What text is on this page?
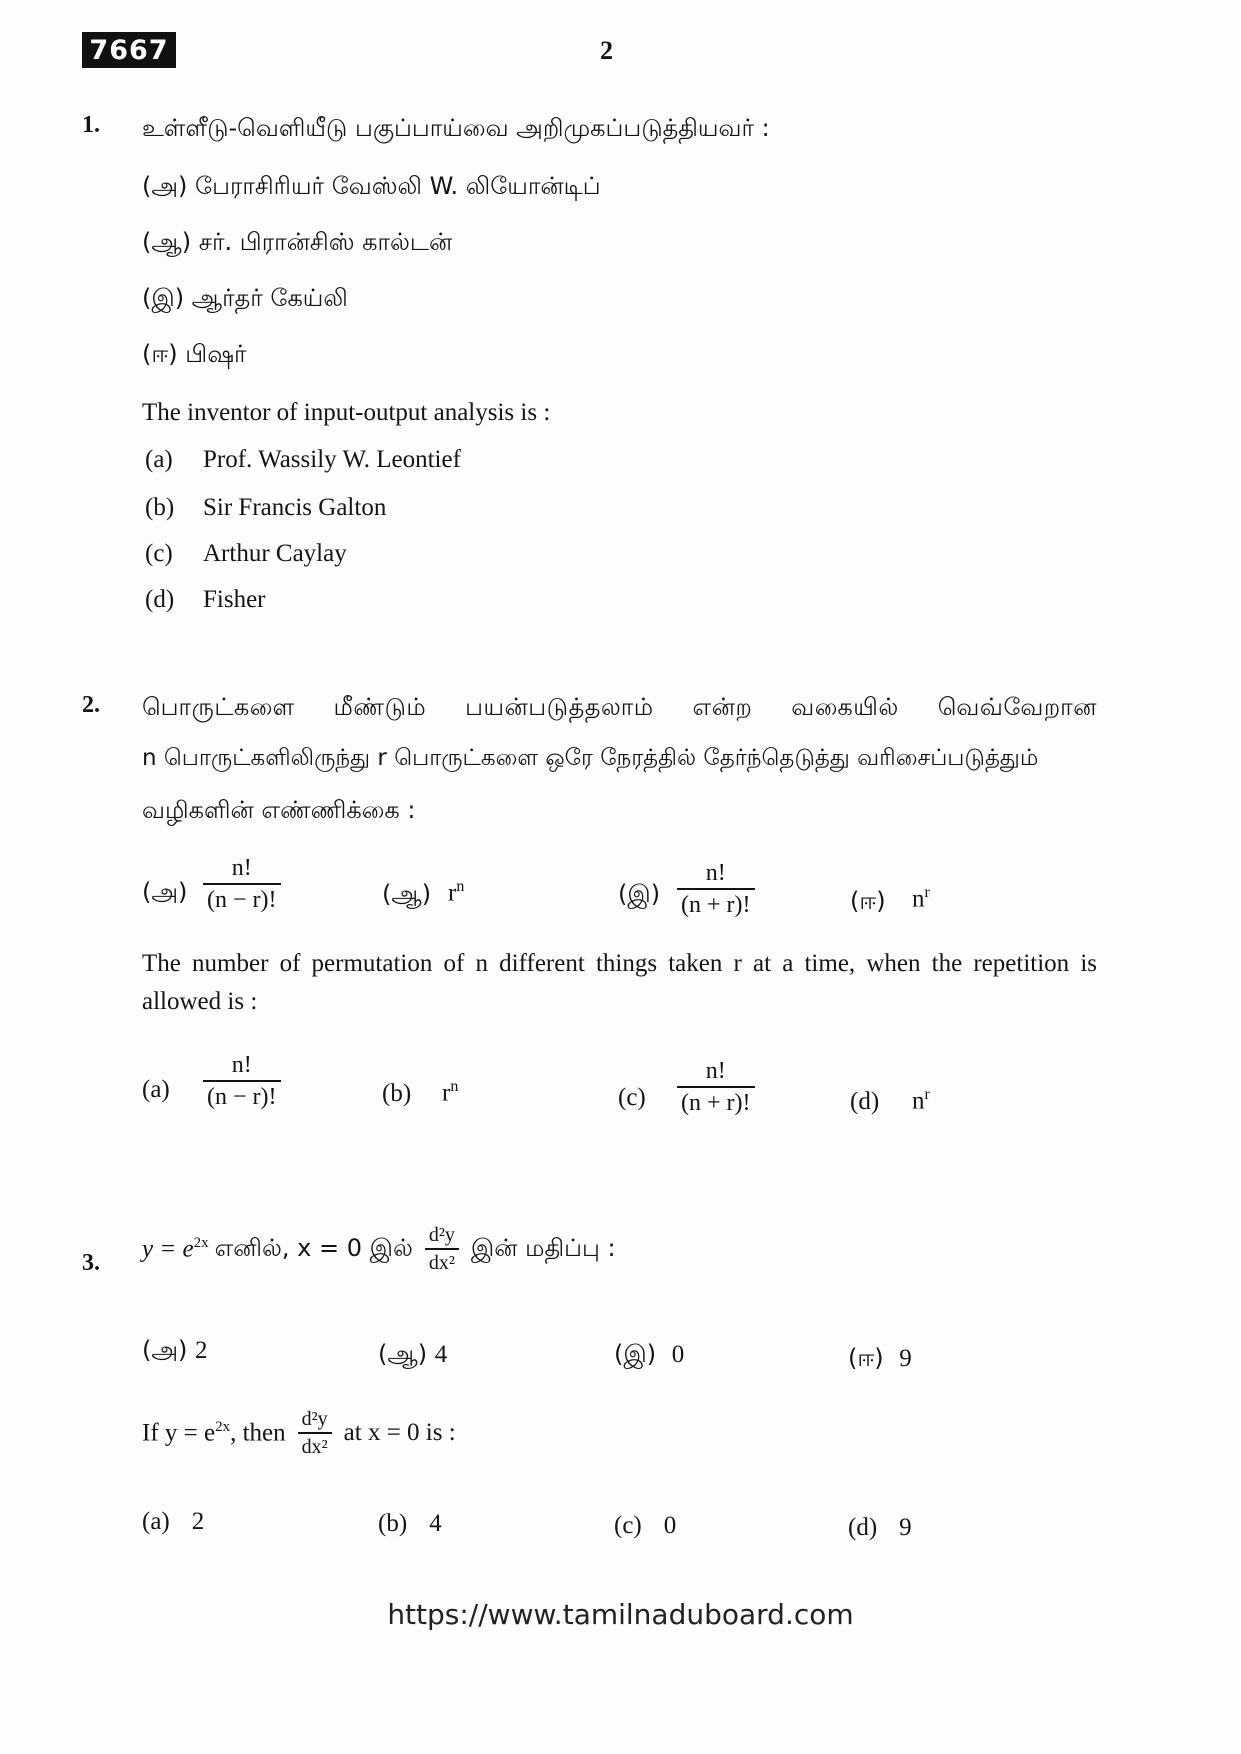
7667	2
1. உள்ளீடு-வெளியீடு பகுப்பாய்வை அறிமுகப்படுத்தியவர் :
(அ) பேராசிரியர் வேஸ்லி W. லியோன்டிப்
(ஆ) சர். பிரான்சிஸ் கால்டன்
(இ) ஆர்தர் கேய்லி
(ஈ) பிஷர்
The inventor of input-output analysis is :
(a) Prof. Wassily W. Leontief
(b) Sir Francis Galton
(c) Arthur Caylay
(d) Fisher
2. பொருட்களை மீண்டும் பயன்படுத்தலாம் என்ற வகையில் வெவ்வேறான
n பொருட்களிலிருந்து r பொருட்களை ஒரே நேரத்தில் தேர்ந்தெடுத்து வரிசைப்படுத்தும்
வழிகளின் எண்ணிக்கை :
(அ) $\frac{n!}{(n - r)!}$	(ஆ) $r^n$	(இ) $\frac{n!}{(n + r)!}$	(ஈ) $n^r$
The number of permutation of n different things taken r at a time, when the repetition is
allowed is :
$(a) \frac{n!}{(n - r)!}$	(b) $r^n$	$(c) \frac{n!}{(n + r)!}$	(d) $n^r$
3.
$y = e^{2x}$ எனில், x = 0 இல் $\frac{\text{d²y}}{\text{dx²}}$ இன் மதிப்பு :
(அ) 2	(ஆ) 4	(இ) 0	(ஈ) 9
If $y = e^{2x}$, then $\frac{\text{d²y}}{\text{dx²}}$ at x = 0 is :
(a) 2	(b) 4	(c) 0	(d) 9
https://www.tamilnaduboard.com
